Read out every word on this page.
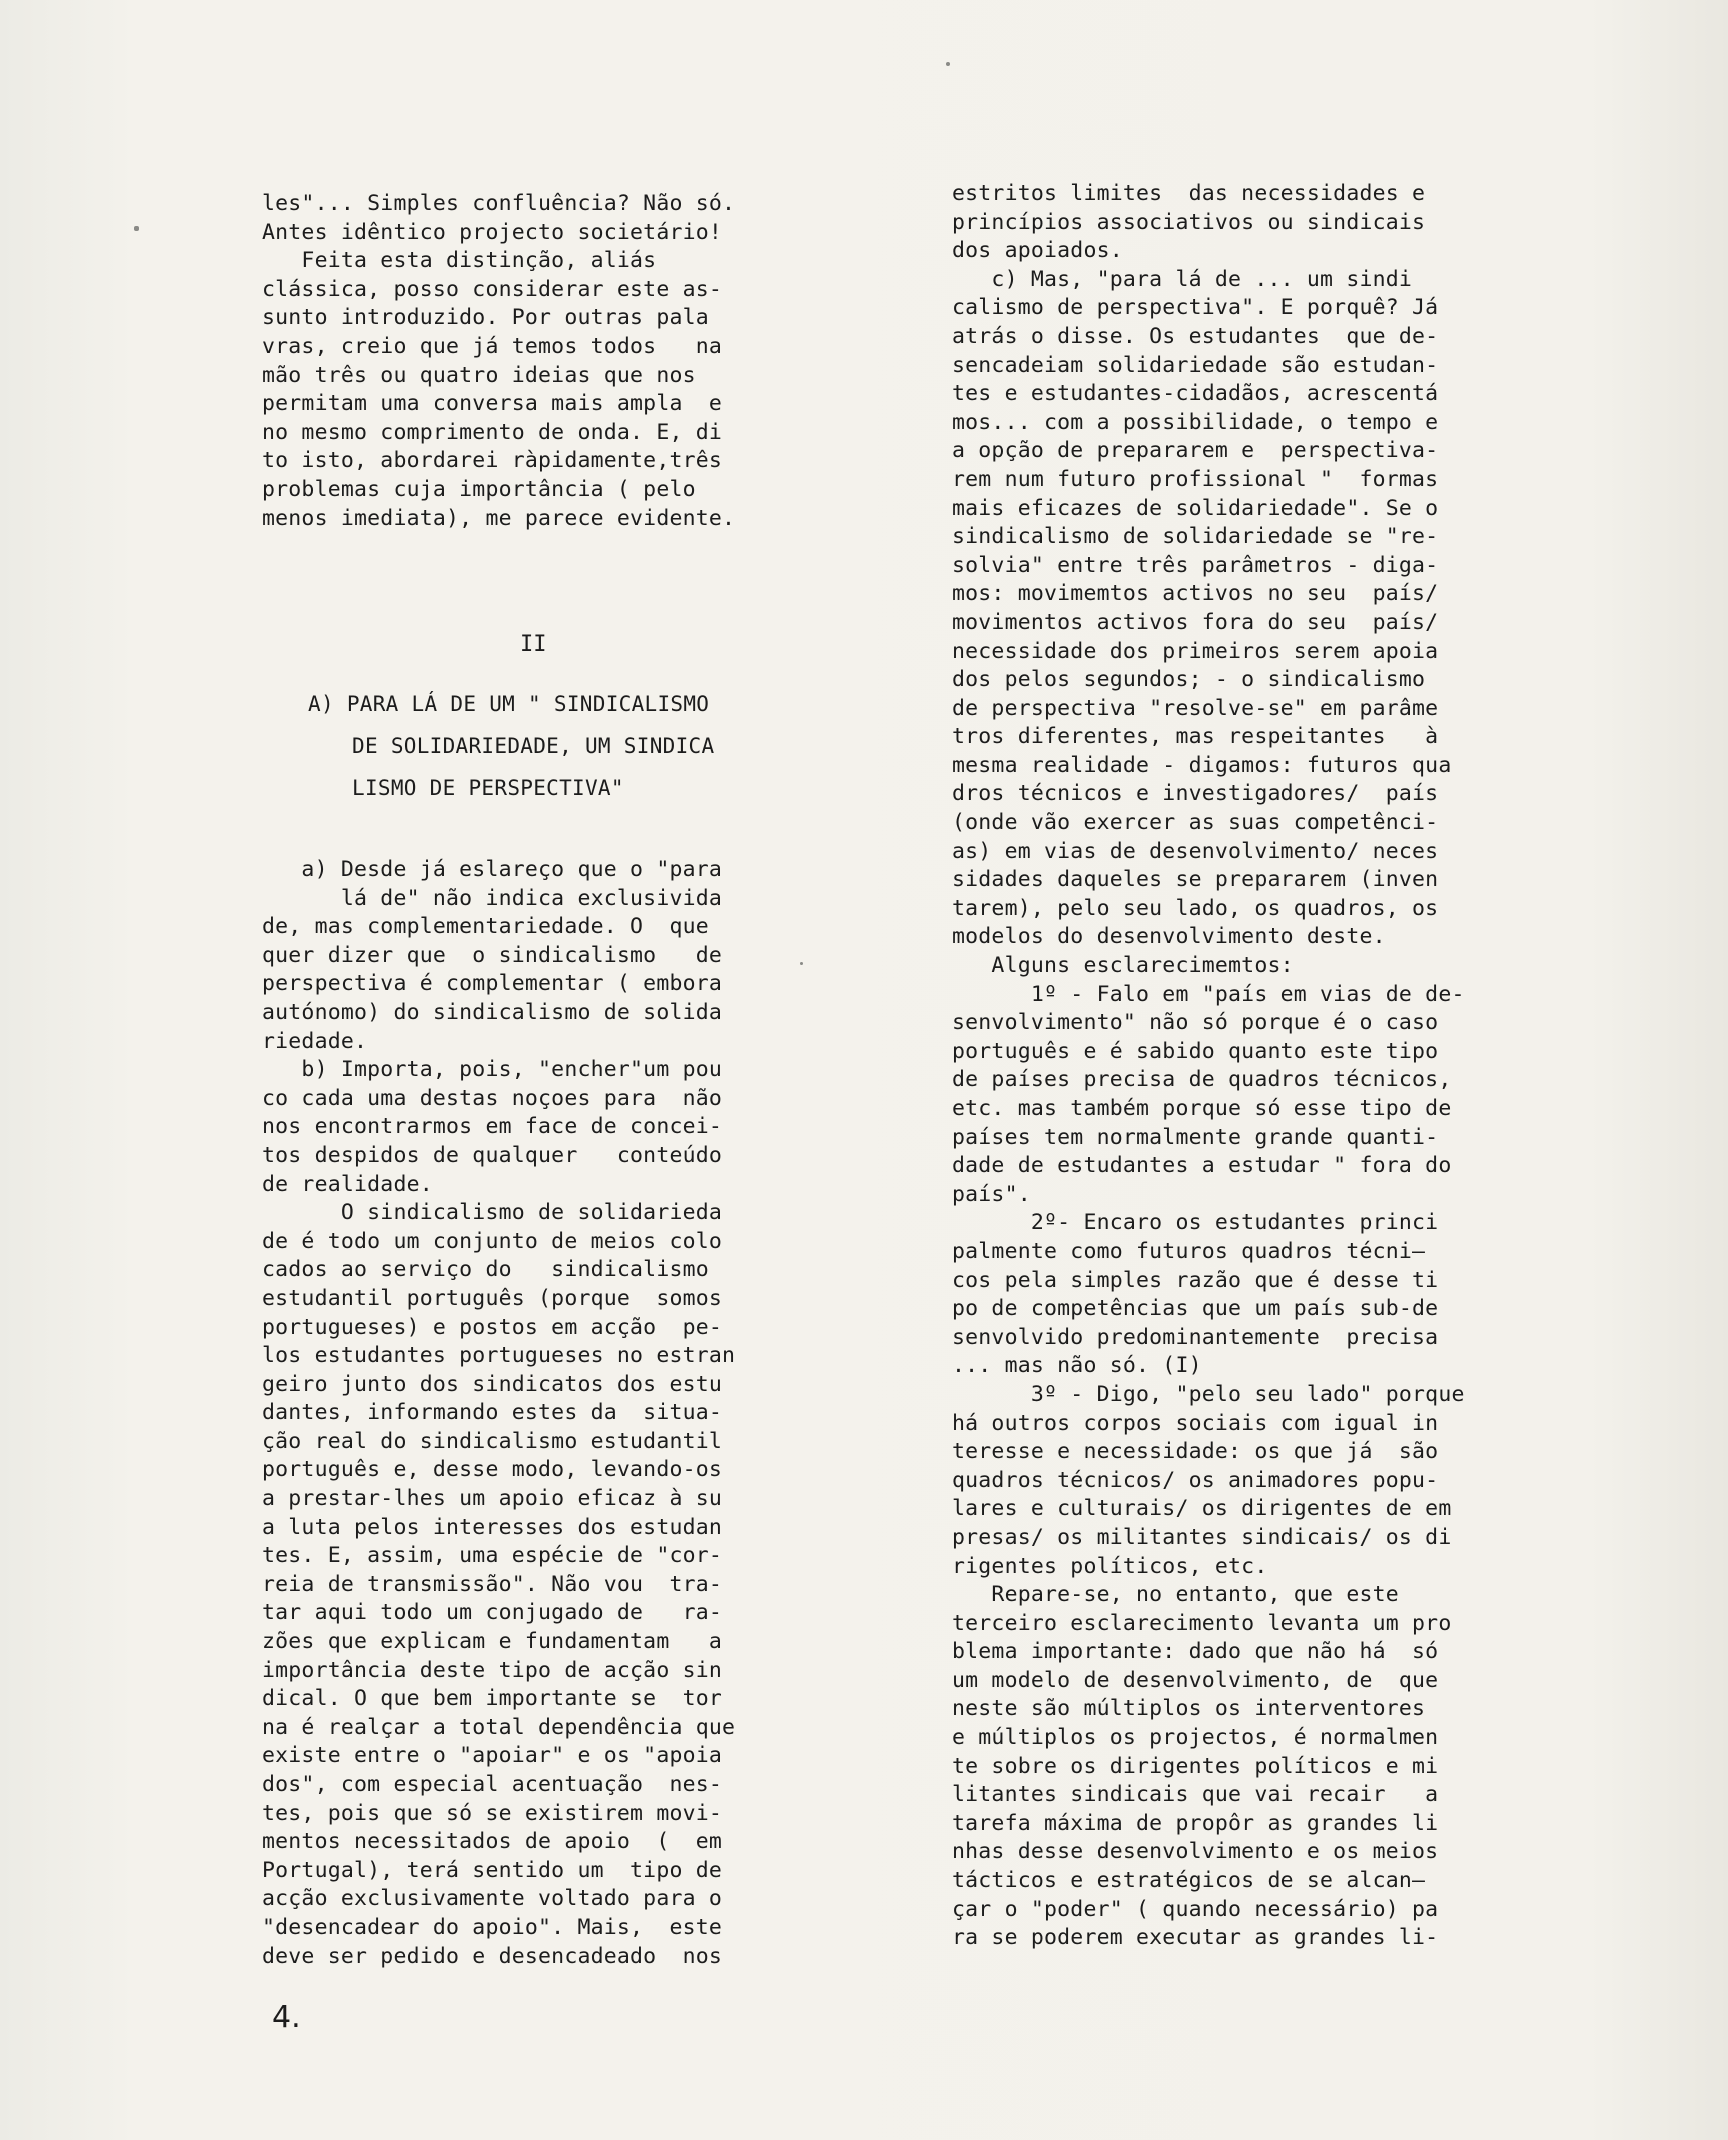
les"... Simples confluência? Não só.
Antes idêntico projecto societário!
Feita esta distinção, aliás
clássica, posso considerar este as-
sunto introduzido. Por outras pala
vras, creio que já temos todos   na
mão três ou quatro ideias que nos
permitam uma conversa mais ampla  e
no mesmo comprimento de onda. E, di
to isto, abordarei ràpidamente,três
problemas cuja importância ( pelo
menos imediata), me parece evidente.
II
A) PARA LÁ DE UM " SINDICALISMO
DE SOLIDARIEDADE, UM SINDICA
LISMO DE PERSPECTIVA"
a) Desde já eslareço que o "para
lá de" não indica exclusivida
de, mas complementariedade. O  que
quer dizer que  o sindicalismo   de
perspectiva é complementar ( embora
autónomo) do sindicalismo de solida
riedade.
b) Importa, pois, "encher"um pou
co cada uma destas noçoes para  não
nos encontrarmos em face de concei-
tos despidos de qualquer   conteúdo
de realidade.
O sindicalismo de solidarieda
de é todo um conjunto de meios colo
cados ao serviço do   sindicalismo
estudantil português (porque  somos
portugueses) e postos em acção  pe-
los estudantes portugueses no estran
geiro junto dos sindicatos dos estu
dantes, informando estes da  situa-
ção real do sindicalismo estudantil
português e, desse modo, levando-os
a prestar-lhes um apoio eficaz à su
a luta pelos interesses dos estudan
tes. E, assim, uma espécie de "cor-
reia de transmissão". Não vou  tra-
tar aqui todo um conjugado de   ra-
zões que explicam e fundamentam   a
importância deste tipo de acção sin
dical. O que bem importante se  tor
na é realçar a total dependência que
existe entre o "apoiar" e os "apoia
dos", com especial acentuação  nes-
tes, pois que só se existirem movi-
mentos necessitados de apoio  (  em
Portugal), terá sentido um  tipo de
acção exclusivamente voltado para o
"desencadear do apoio". Mais,  este
deve ser pedido e desencadeado  nos
estritos limites  das necessidades e
princípios associativos ou sindicais
dos apoiados.
c) Mas, "para lá de ... um sindi
calismo de perspectiva". E porquê? Já
atrás o disse. Os estudantes  que de-
sencadeiam solidariedade são estudan-
tes e estudantes-cidadãos, acrescentá
mos... com a possibilidade, o tempo e
a opção de prepararem e  perspectiva-
rem num futuro profissional "  formas
mais eficazes de solidariedade". Se o
sindicalismo de solidariedade se "re-
solvia" entre três parâmetros - diga-
mos: movimemtos activos no seu  país/
movimentos activos fora do seu  país/
necessidade dos primeiros serem apoia
dos pelos segundos; - o sindicalismo
de perspectiva "resolve-se" em parâme
tros diferentes, mas respeitantes   à
mesma realidade - digamos: futuros qua
dros técnicos e investigadores/  país
(onde vão exercer as suas competênci-
as) em vias de desenvolvimento/ neces
sidades daqueles se prepararem (inven
tarem), pelo seu lado, os quadros, os
modelos do desenvolvimento deste.
Alguns esclarecimemtos:
1º - Falo em "país em vias de de-
senvolvimento" não só porque é o caso
português e é sabido quanto este tipo
de países precisa de quadros técnicos,
etc. mas também porque só esse tipo de
países tem normalmente grande quanti-
dade de estudantes a estudar " fora do
país".
2º- Encaro os estudantes princi
palmente como futuros quadros técni—
cos pela simples razão que é desse ti
po de competências que um país sub-de
senvolvido predominantemente  precisa
... mas não só. (I)
3º - Digo, "pelo seu lado" porque
há outros corpos sociais com igual in
teresse e necessidade: os que já  são
quadros técnicos/ os animadores popu-
lares e culturais/ os dirigentes de em
presas/ os militantes sindicais/ os di
rigentes políticos, etc.
Repare-se, no entanto, que este
terceiro esclarecimento levanta um pro
blema importante: dado que não há  só
um modelo de desenvolvimento, de  que
neste são múltiplos os interventores
e múltiplos os projectos, é normalmen
te sobre os dirigentes políticos e mi
litantes sindicais que vai recair   a
tarefa máxima de propôr as grandes li
nhas desse desenvolvimento e os meios
tácticos e estratégicos de se alcan—
çar o "poder" ( quando necessário) pa
ra se poderem executar as grandes li-
4.
